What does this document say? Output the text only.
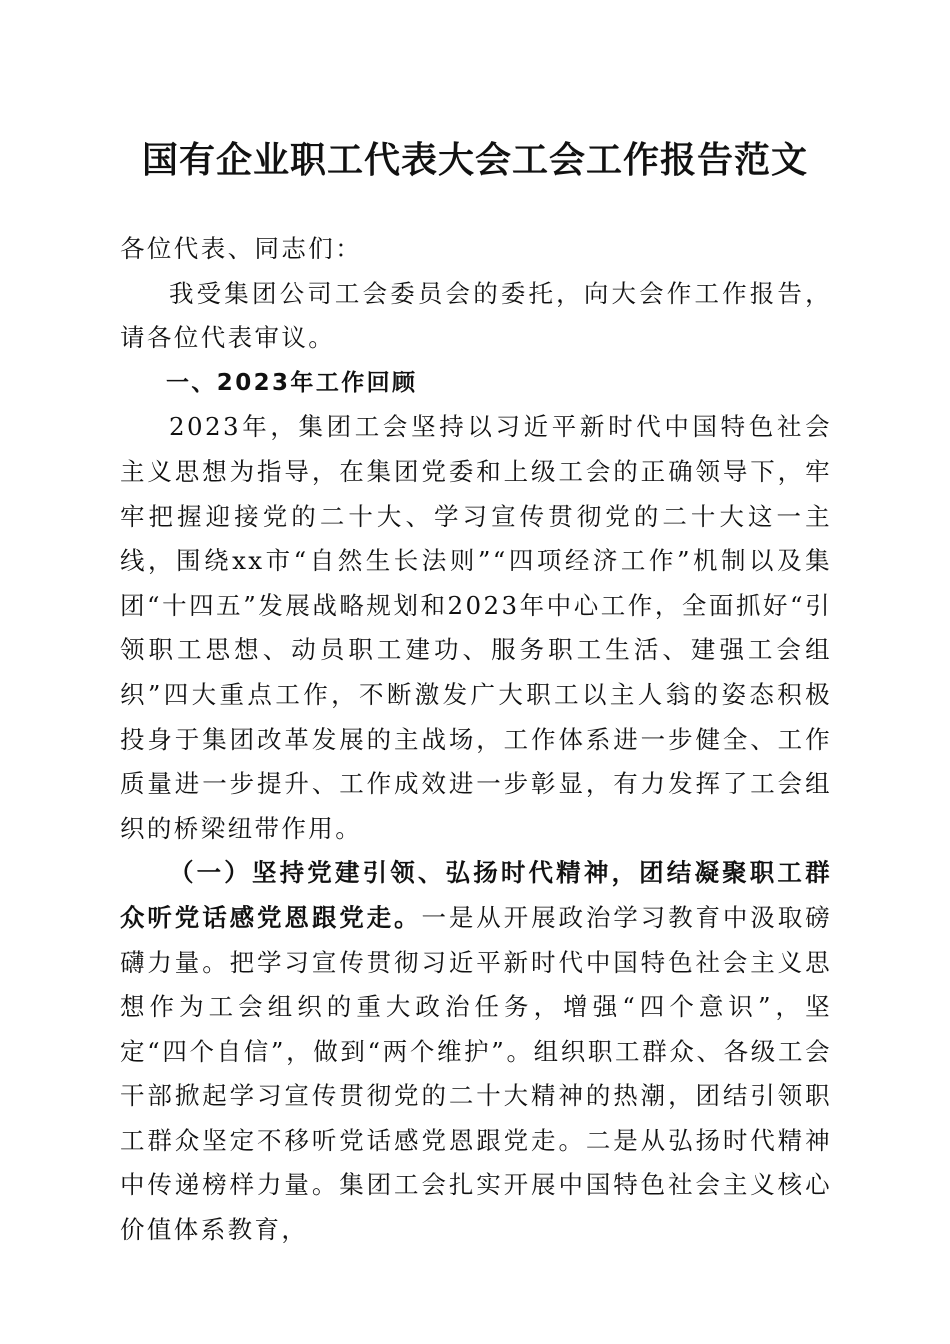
国有企业职工代表大会工会工作报告范文

各位代表、同志们：

我受集团公司工会委员会的委托，向大会作工作报告，请各位代表审议。

一、2023年工作回顾

2023年，集团工会坚持以习近平新时代中国特色社会主义思想为指导，在集团党委和上级工会的正确领导下，牢牢把握迎接党的二十大、学习宣传贯彻党的二十大这一主线，围绕xx市“自然生长法则”“四项经济工作”机制以及集团“十四五”发展战略规划和2023年中心工作，全面抓好“引领职工思想、动员职工建功、服务职工生活、建强工会组织”四大重点工作，不断激发广大职工以主人翁的姿态积极投身于集团改革发展的主战场，工作体系进一步健全、工作质量进一步提升、工作成效进一步彰显，有力发挥了工会组织的桥梁纽带作用。

（一）坚持党建引领、弘扬时代精神，团结凝聚职工群众听党话感党恩跟党走。一是从开展政治学习教育中汲取磅礴力量。把学习宣传贯彻习近平新时代中国特色社会主义思想作为工会组织的重大政治任务，增强“四个意识”，坚定“四个自信”，做到“两个维护”。组织职工群众、各级工会干部掀起学习宣传贯彻党的二十大精神的热潮，团结引领职工群众坚定不移听党话感党恩跟党走。二是从弘扬时代精神中传递榜样力量。集团工会扎实开展中国特色社会主义核心价值体系教育，
